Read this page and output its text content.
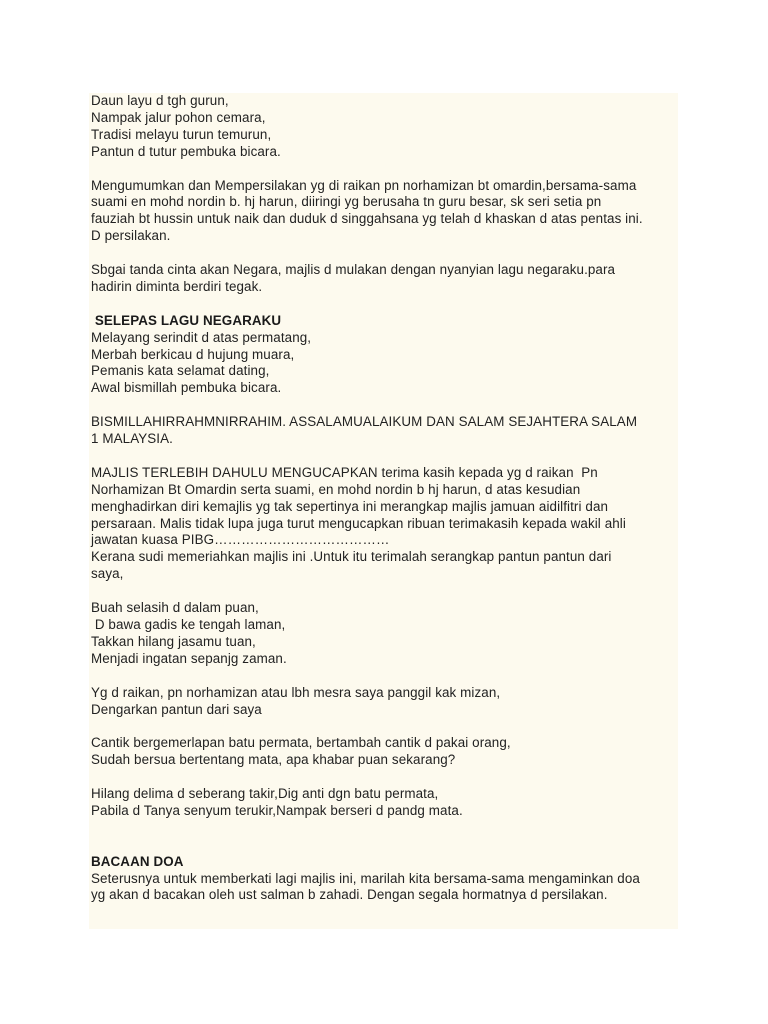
Daun layu d tgh gurun,
Nampak jalur pohon cemara,
Tradisi melayu turun temurun,
Pantun d tutur pembuka bicara.
Mengumumkan dan Mempersilakan yg di raikan pn norhamizan bt omardin,bersama-sama
suami en mohd nordin b. hj harun, diiringi yg berusaha tn guru besar, sk seri setia pn
fauziah bt hussin untuk naik dan duduk d singgahsana yg telah d khaskan d atas pentas ini.
D persilakan.
Sbgai tanda cinta akan Negara, majlis d mulakan dengan nyanyian lagu negaraku.para
hadirin diminta berdiri tegak.
SELEPAS LAGU NEGARAKU
Melayang serindit d atas permatang,
Merbah berkicau d hujung muara,
Pemanis kata selamat dating,
Awal bismillah pembuka bicara.
BISMILLAHIRRAHMNIRRAHIM. ASSALAMUALAIKUM DAN SALAM SEJAHTERA SALAM
1 MALAYSIA.
MAJLIS TERLEBIH DAHULU MENGUCAPKAN terima kasih kepada yg d raikan  Pn
Norhamizan Bt Omardin serta suami, en mohd nordin b hj harun, d atas kesudian
menghadirkan diri kemajlis yg tak sepertinya ini merangkap majlis jamuan aidilfitri dan
persaraan. Malis tidak lupa juga turut mengucapkan ribuan terimakasih kepada wakil ahli
jawatan kuasa PIBG…………………………………
Kerana sudi memeriahkan majlis ini .Untuk itu terimalah serangkap pantun pantun dari
saya,
Buah selasih d dalam puan,
D bawa gadis ke tengah laman,
Takkan hilang jasamu tuan,
Menjadi ingatan sepanjg zaman.
Yg d raikan, pn norhamizan atau lbh mesra saya panggil kak mizan,
Dengarkan pantun dari saya
Cantik bergemerlapan batu permata, bertambah cantik d pakai orang,
Sudah bersua bertentang mata, apa khabar puan sekarang?
Hilang delima d seberang takir,Dig anti dgn batu permata,
Pabila d Tanya senyum terukir,Nampak berseri d pandg mata.
BACAAN DOA
Seterusnya untuk memberkati lagi majlis ini, marilah kita bersama-sama mengaminkan doa
yg akan d bacakan oleh ust salman b zahadi. Dengan segala hormatnya d persilakan.
